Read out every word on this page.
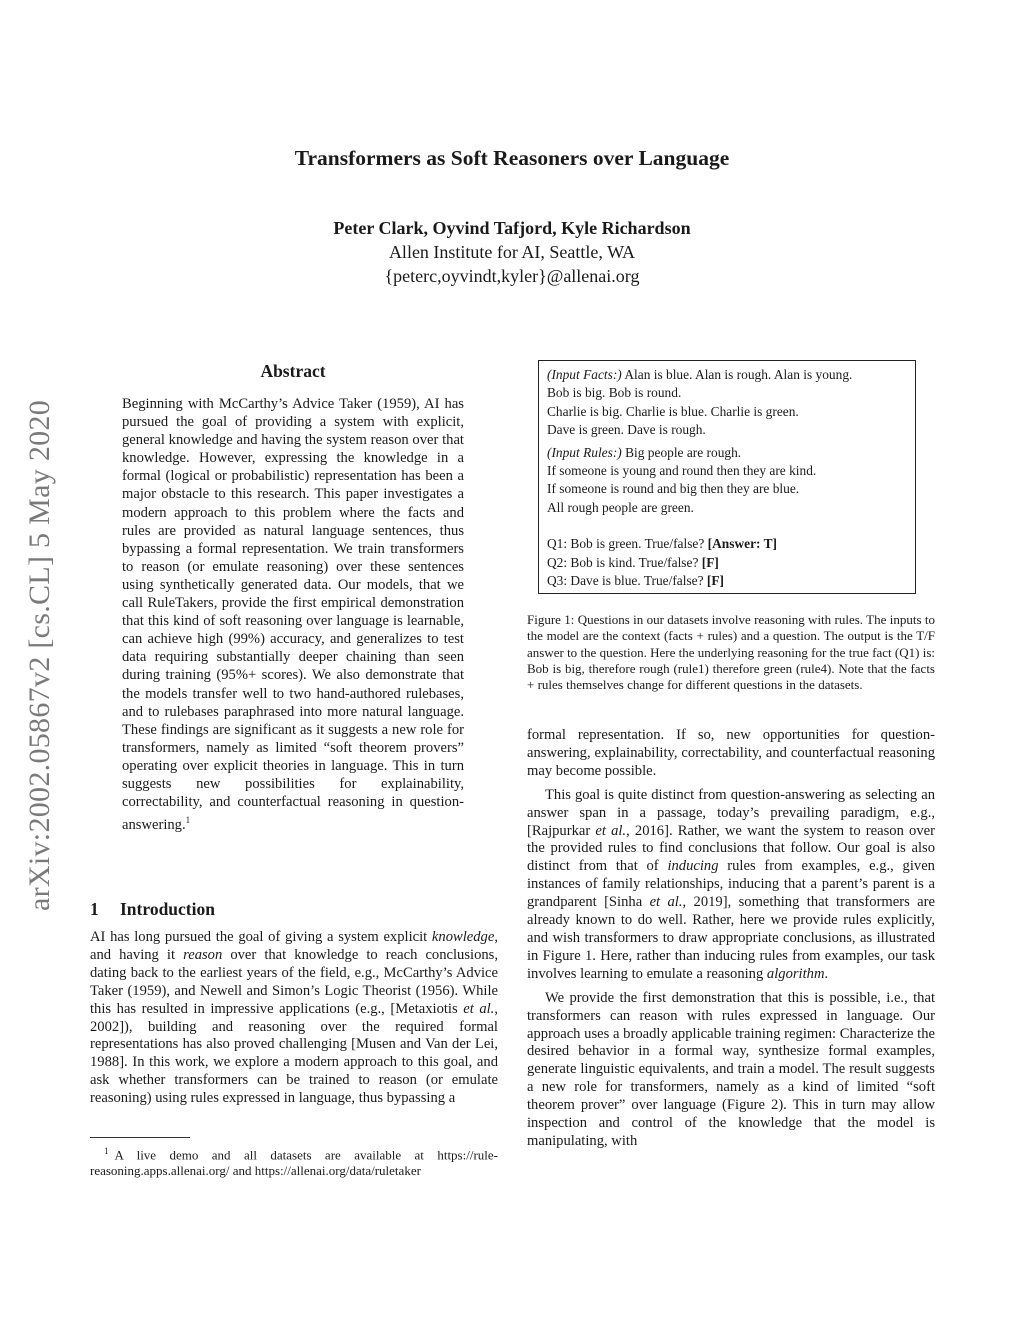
Transformers as Soft Reasoners over Language
Peter Clark, Oyvind Tafjord, Kyle Richardson
Allen Institute for AI, Seattle, WA
{peterc,oyvindt,kyler}@allenai.org
arXiv:2002.05867v2 [cs.CL] 5 May 2020
Abstract

Beginning with McCarthy’s Advice Taker (1959), AI has pursued the goal of providing a system with explicit, general knowledge and having the system reason over that knowledge. However, expressing the knowledge in a formal (logical or probabilistic) representation has been a major obstacle to this research. This paper investigates a modern approach to this problem where the facts and rules are provided as natural language sentences, thus bypassing a formal representation. We train transformers to reason (or emulate reasoning) over these sentences using synthetically generated data. Our models, that we call RuleTakers, provide the first empirical demonstration that this kind of soft reasoning over language is learnable, can achieve high (99%) accuracy, and generalizes to test data requiring substantially deeper chaining than seen during training (95%+ scores). We also demonstrate that the models transfer well to two hand-authored rulebases, and to rulebases paraphrased into more natural language. These findings are significant as it suggests a new role for transformers, namely as limited “soft theorem provers” operating over explicit theories in language. This in turn suggests new possibilities for explainability, correctability, and counterfactual reasoning in question-answering.$^1$

1 Introduction

AI has long pursued the goal of giving a system explicit knowledge, and having it reason over that knowledge to reach conclusions, dating back to the earliest years of the field, e.g., McCarthy’s Advice Taker (1959), and Newell and Simon’s Logic Theorist (1956). While this has resulted in impressive applications (e.g., [Metaxiotis et al., 2002]), building and reasoning over the required formal representations has also proved challenging [Musen and Van der Lei, 1988]. In this work, we explore a modern approach to this goal, and ask whether transformers can be trained to reason (or emulate reasoning) using rules expressed in language, thus bypassing a

$^1$ A live demo and all datasets are available at https://rule-reasoning.apps.allenai.org/ and https://allenai.org/data/ruletaker

(Input Facts:) Alan is blue. Alan is rough. Alan is young.
Bob is big. Bob is round.
Charlie is big. Charlie is blue. Charlie is green.
Dave is green. Dave is rough.
(Input Rules:) Big people are rough.
If someone is young and round then they are kind.
If someone is round and big then they are blue.
All rough people are green.
Q1: Bob is green. True/false? [Answer: T]
Q2: Bob is kind. True/false? [F]
Q3: Dave is blue. True/false? [F]

Figure 1: Questions in our datasets involve reasoning with rules. The inputs to the model are the context (facts + rules) and a question. The output is the T/F answer to the question. Here the underlying reasoning for the true fact (Q1) is: Bob is big, therefore rough (rule1) therefore green (rule4). Note that the facts + rules themselves change for different questions in the datasets.

formal representation. If so, new opportunities for question-answering, explainability, correctability, and counterfactual reasoning may become possible.

This goal is quite distinct from question-answering as selecting an answer span in a passage, today’s prevailing paradigm, e.g., [Rajpurkar et al., 2016]. Rather, we want the system to reason over the provided rules to find conclusions that follow. Our goal is also distinct from that of inducing rules from examples, e.g., given instances of family relationships, inducing that a parent’s parent is a grandparent [Sinha et al., 2019], something that transformers are already known to do well. Rather, here we provide rules explicitly, and wish transformers to draw appropriate conclusions, as illustrated in Figure 1. Here, rather than inducing rules from examples, our task involves learning to emulate a reasoning algorithm.

We provide the first demonstration that this is possible, i.e., that transformers can reason with rules expressed in language. Our approach uses a broadly applicable training regimen: Characterize the desired behavior in a formal way, synthesize formal examples, generate linguistic equivalents, and train a model. The result suggests a new role for transformers, namely as a kind of limited “soft theorem prover” over language (Figure 2). This in turn may allow inspection and control of the knowledge that the model is manipulating, with
